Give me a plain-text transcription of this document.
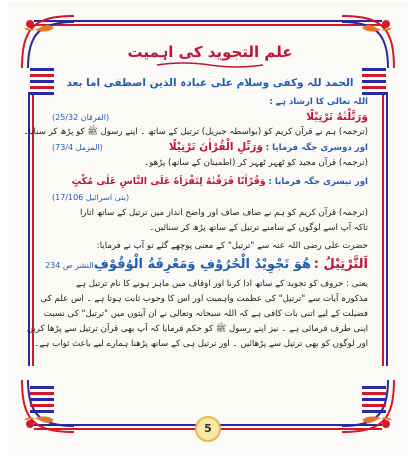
علم التجوید کی اہمیت
الحمد للہ وکفی وسلام علی عبادہ الذین اصطفی اما بعد
اللہ تعالی کا ارشاد ہے :
وَرَتَّلْنٰهُ تَرْتِيْلًا
(الفرقان 25/32)
(ترجمہ) ہم نے قرآن کریم کو (بواسطہ جبریل) ترتیل کے ساتھ ۔ اپنے رسول ﷺ کو پڑھ کر سنایا۔
اور دوسری جگہ فرمایا : وَرَتِّلِ الْقُرْاٰنَ تَرْتِيْلًا
(المزمل 73/4)
(ترجمہ) قرآن مجید کو ٹھہر ٹھہر کر (اطمینان کے ساتھ) پڑھو۔
اور تیسری جگہ فرمایا : وَقُرْاٰنًا فَرَقْنٰهُ لِتَقْرَاَهٗ عَلَى النَّاسِ عَلٰى مُكْثٍ
(بنی اسرائیل 17/106)
(ترجمہ) قرآن کریم کو ہم نے صاف صاف اور واضح انداز میں ترتیل کے ساتھ اتارا
تاکہ آپ اسے لوگوں کے سامنے ترتیل کے ساتھ پڑھ کر سنائیں۔
حضرت علی رضی اللہ عنہ سے "ترتیل" کے معنی پوچھے گئے تو آپ نے فرمایا:
اَلتَّرْتِيْلُ : هُوَ تَجْوِيْدُ الْحُرُوْفِ وَمَعْرِفَةُ الْوُقُوْفِ
النشر ص 234
یعنی : حروف کو تجوید کے ساتھ ادا کرنا اور اوقاف میں ماہر ہونے کا نام ترتیل ہے
مذکورہ آیات سے "ترتیل" کی عظمت واہمیت اور اس کا وجوب ثابت ہوتا ہے ۔ اس علم کی
فضیلت کے لیے اتنی بات کافی ہے کہ اللہ سبحانہ وتعالی نے ان آیتوں میں "ترتیل" کی نسبت
اپنی طرف فرمائی ہے ۔ نیز اپنے رسول ﷺ کو حکم فرمایا کہ آپ بھی قرآن ترتیل سے پڑھا کریں
اور لوگوں کو بھی ترتیل سے پڑھائیں ۔ اور ترتیل ہی کے ساتھ پڑھنا ہمارے لیے باعث ثواب ہے۔
5
